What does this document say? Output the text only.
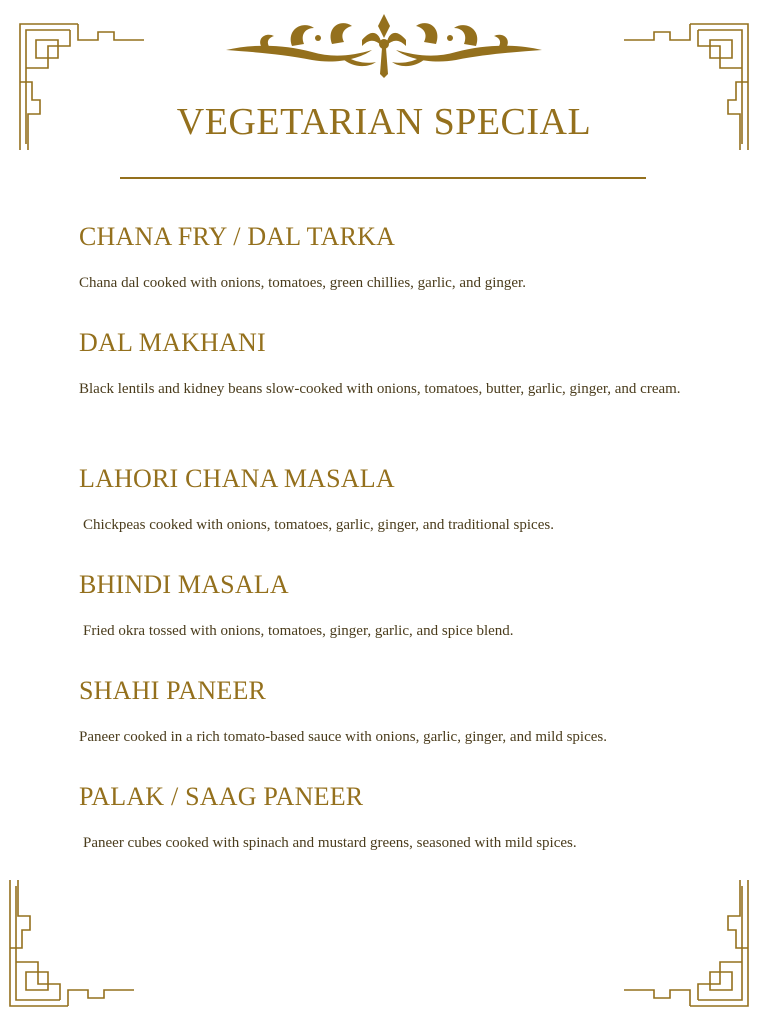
VEGETARIAN SPECIAL
CHANA FRY / DAL TARKA

Chana dal cooked with onions, tomatoes, green chillies, garlic, and ginger.

DAL MAKHANI

Black lentils and kidney beans slow-cooked with onions, tomatoes, butter, garlic, ginger, and cream.

LAHORI CHANA MASALA

Chickpeas cooked with onions, tomatoes, garlic, ginger, and traditional spices.

BHINDI MASALA

Fried okra tossed with onions, tomatoes, ginger, garlic, and spice blend.

SHAHI PANEER

Paneer cooked in a rich tomato-based sauce with onions, garlic, ginger, and mild spices.

PALAK / SAAG PANEER

Paneer cubes cooked with spinach and mustard greens, seasoned with mild spices.
